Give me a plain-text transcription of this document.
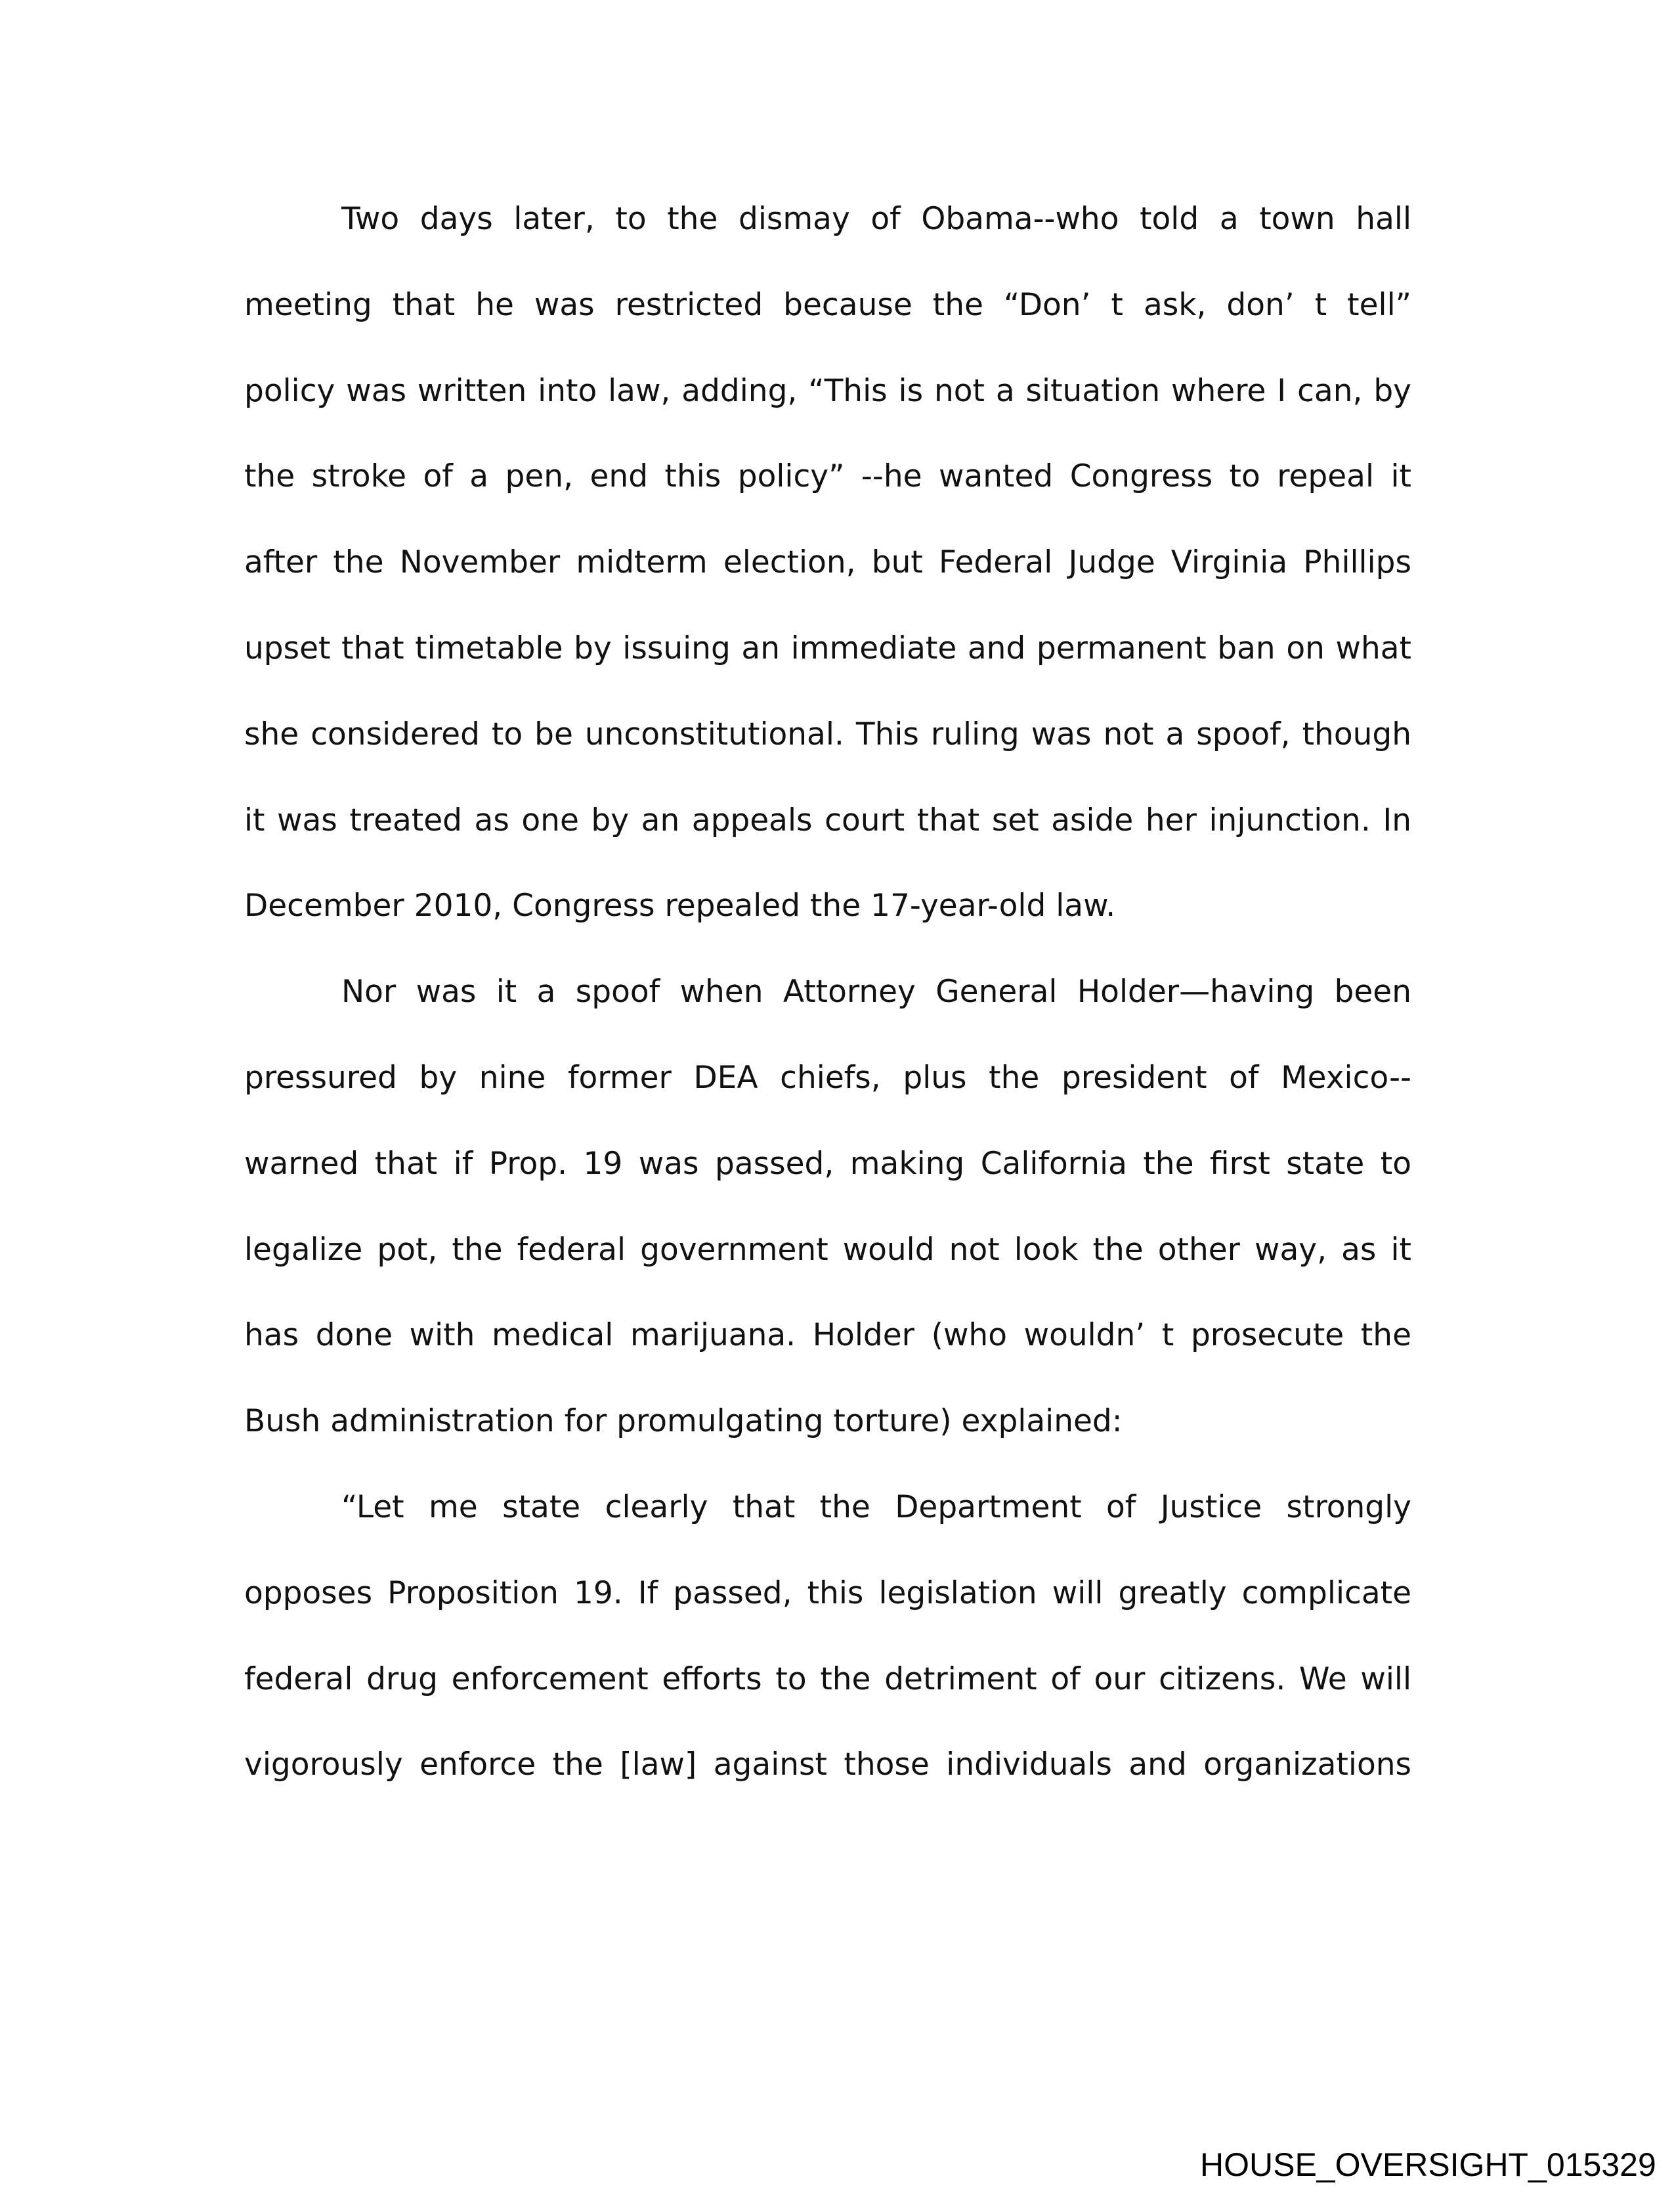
Two days later, to the dismay of Obama--who told a town hall
meeting that he was restricted because the “Don’ t ask, don’ t tell”
policy was written into law, adding, “This is not a situation where I can, by
the stroke of a pen, end this policy” --he wanted Congress to repeal it
after the November midterm election, but Federal Judge Virginia Phillips
upset that timetable by issuing an immediate and permanent ban on what
she considered to be unconstitutional. This ruling was not a spoof, though
it was treated as one by an appeals court that set aside her injunction. In
December 2010, Congress repealed the 17-year-old law.
Nor was it a spoof when Attorney General Holder—having been
pressured by nine former DEA chiefs, plus the president of Mexico--
warned that if Prop. 19 was passed, making California the first state to
legalize pot, the federal government would not look the other way, as it
has done with medical marijuana. Holder (who wouldn’ t prosecute the
Bush administration for promulgating torture) explained:
“Let me state clearly that the Department of Justice strongly
opposes Proposition 19. If passed, this legislation will greatly complicate
federal drug enforcement efforts to the detriment of our citizens. We will
vigorously enforce the [law] against those individuals and organizations
HOUSE_OVERSIGHT_015329
